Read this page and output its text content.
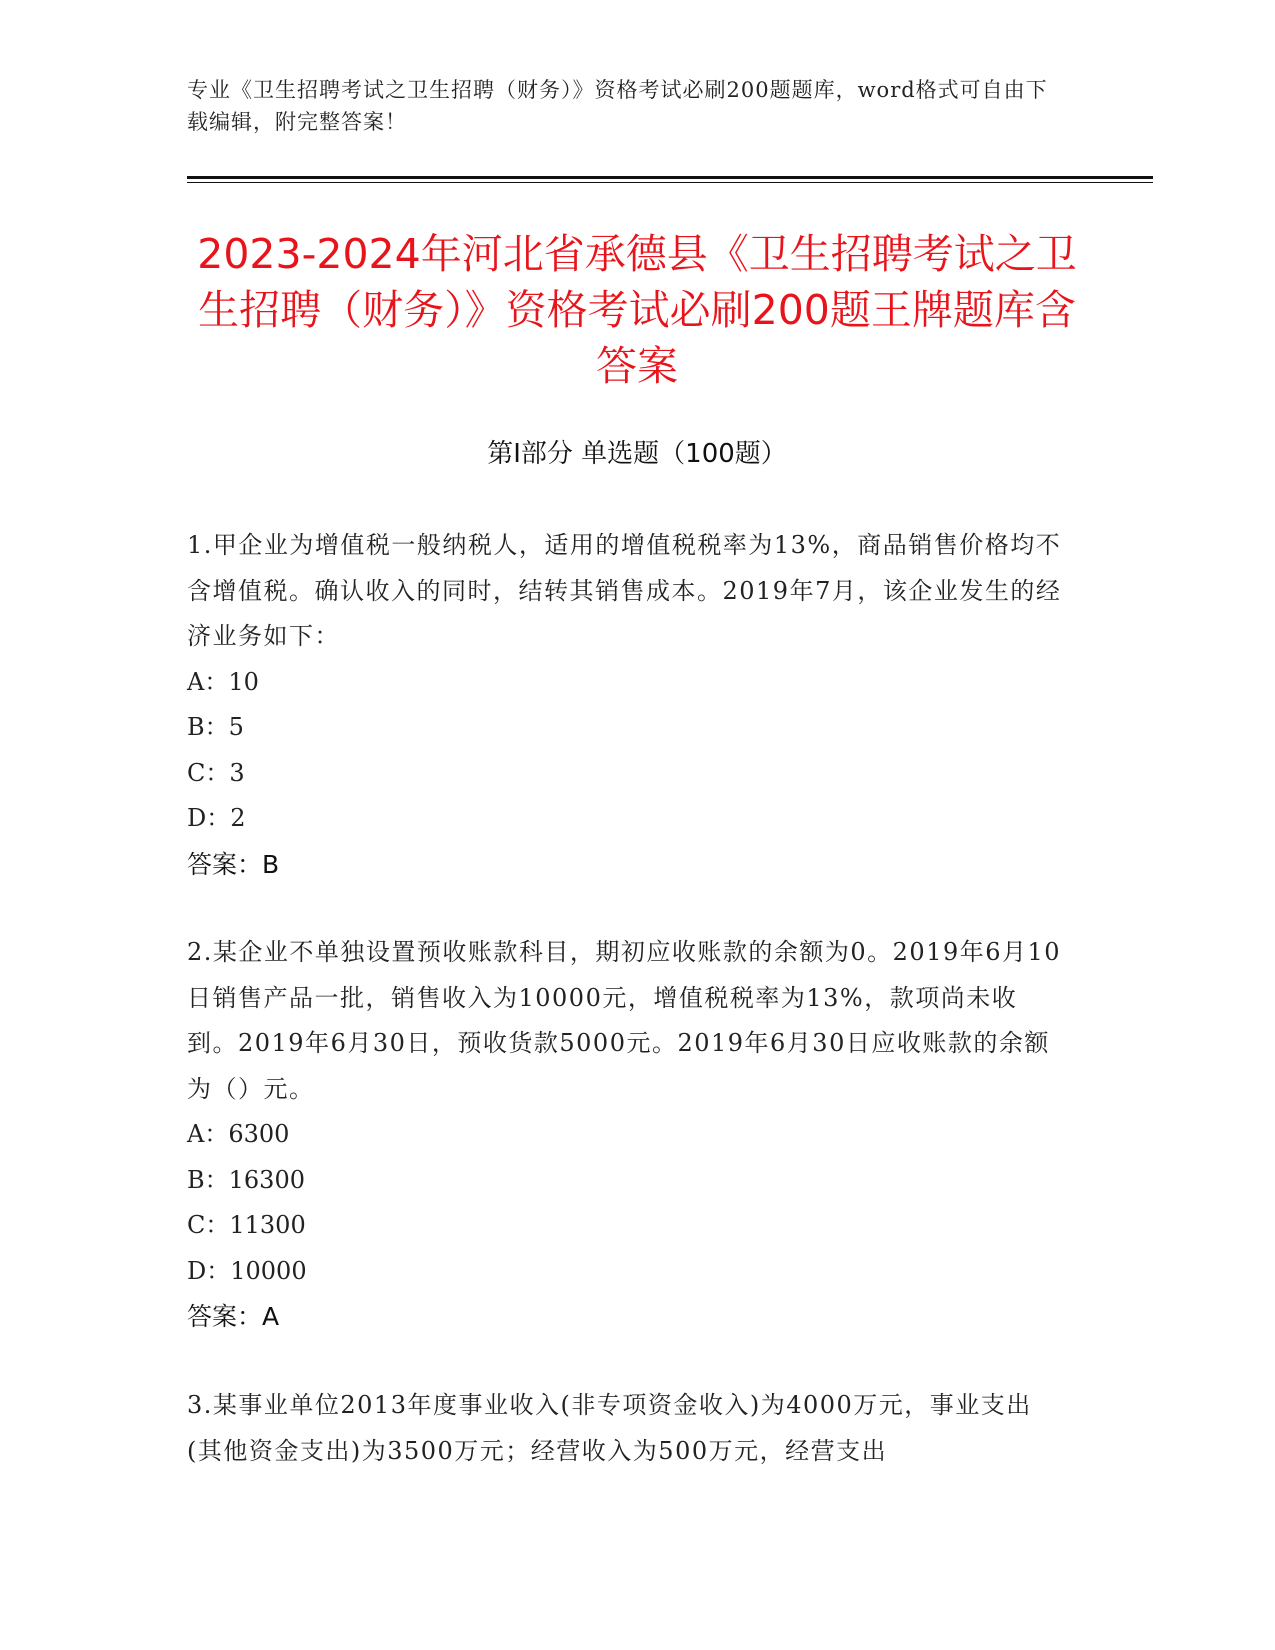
专业《卫生招聘考试之卫生招聘（财务）》资格考试必刷200题题库，word格式可自由下载编辑，附完整答案！
2023-2024年河北省承德县《卫生招聘考试之卫生招聘（财务）》资格考试必刷200题王牌题库含答案
第I部分 单选题（100题）
1.甲企业为增值税一般纳税人，适用的增值税税率为13%，商品销售价格均不含增值税。确认收入的同时，结转其销售成本。2019年7月，该企业发生的经济业务如下：
A：10
B：5
C：3
D：2
答案：B
2.某企业不单独设置预收账款科目，期初应收账款的余额为0。2019年6月10日销售产品一批，销售收入为10000元，增值税税率为13%，款项尚未收到。2019年6月30日，预收货款5000元。2019年6月30日应收账款的余额为（）元。
A：6300
B：16300
C：11300
D：10000
答案：A
3.某事业单位2013年度事业收入(非专项资金收入)为4000万元，事业支出(其他资金支出)为3500万元；经营收入为500万元，经营支出
